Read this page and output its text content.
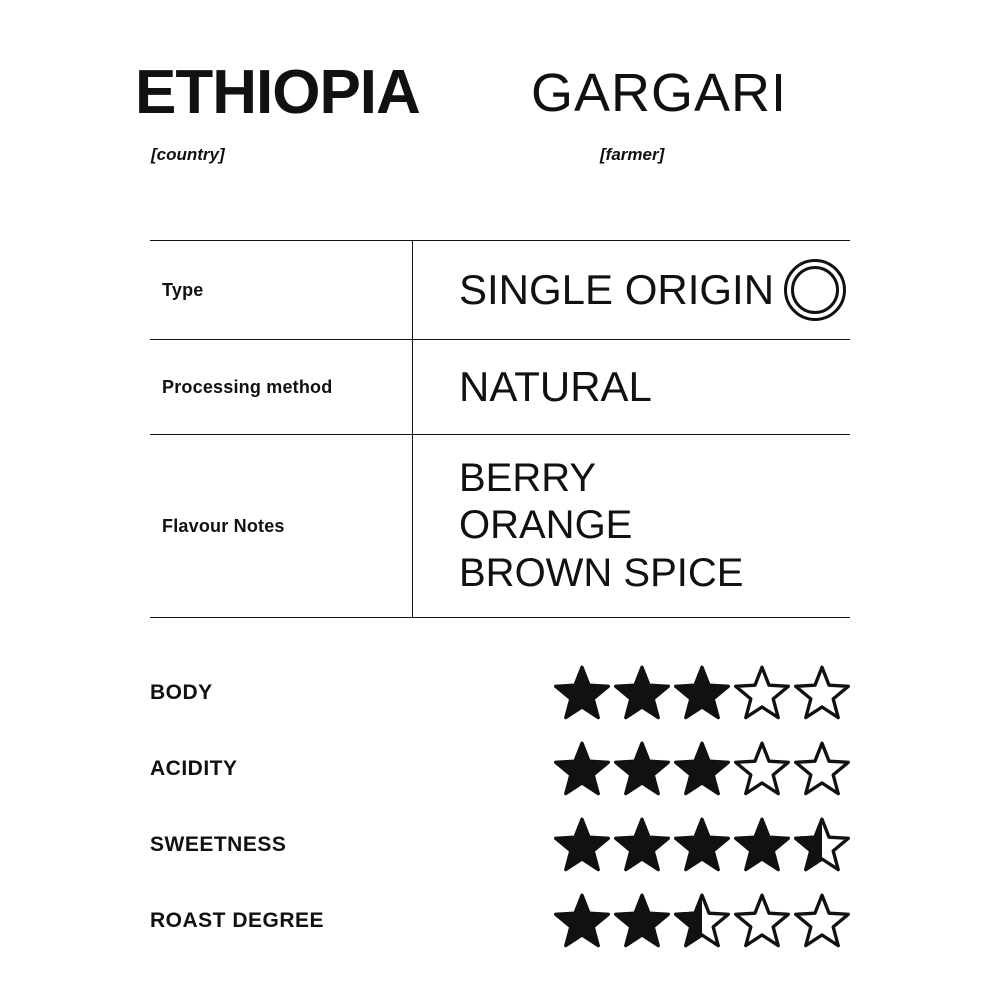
ETHIOPIA
[country]
GARGARI
[farmer]
Type	SINGLE ORIGIN

Processing method	NATURAL
Flavour Notes	BERRY
ORANGE
BROWN SPICE
BODY
ACIDITY
SWEETNESS
ROAST DEGREE
